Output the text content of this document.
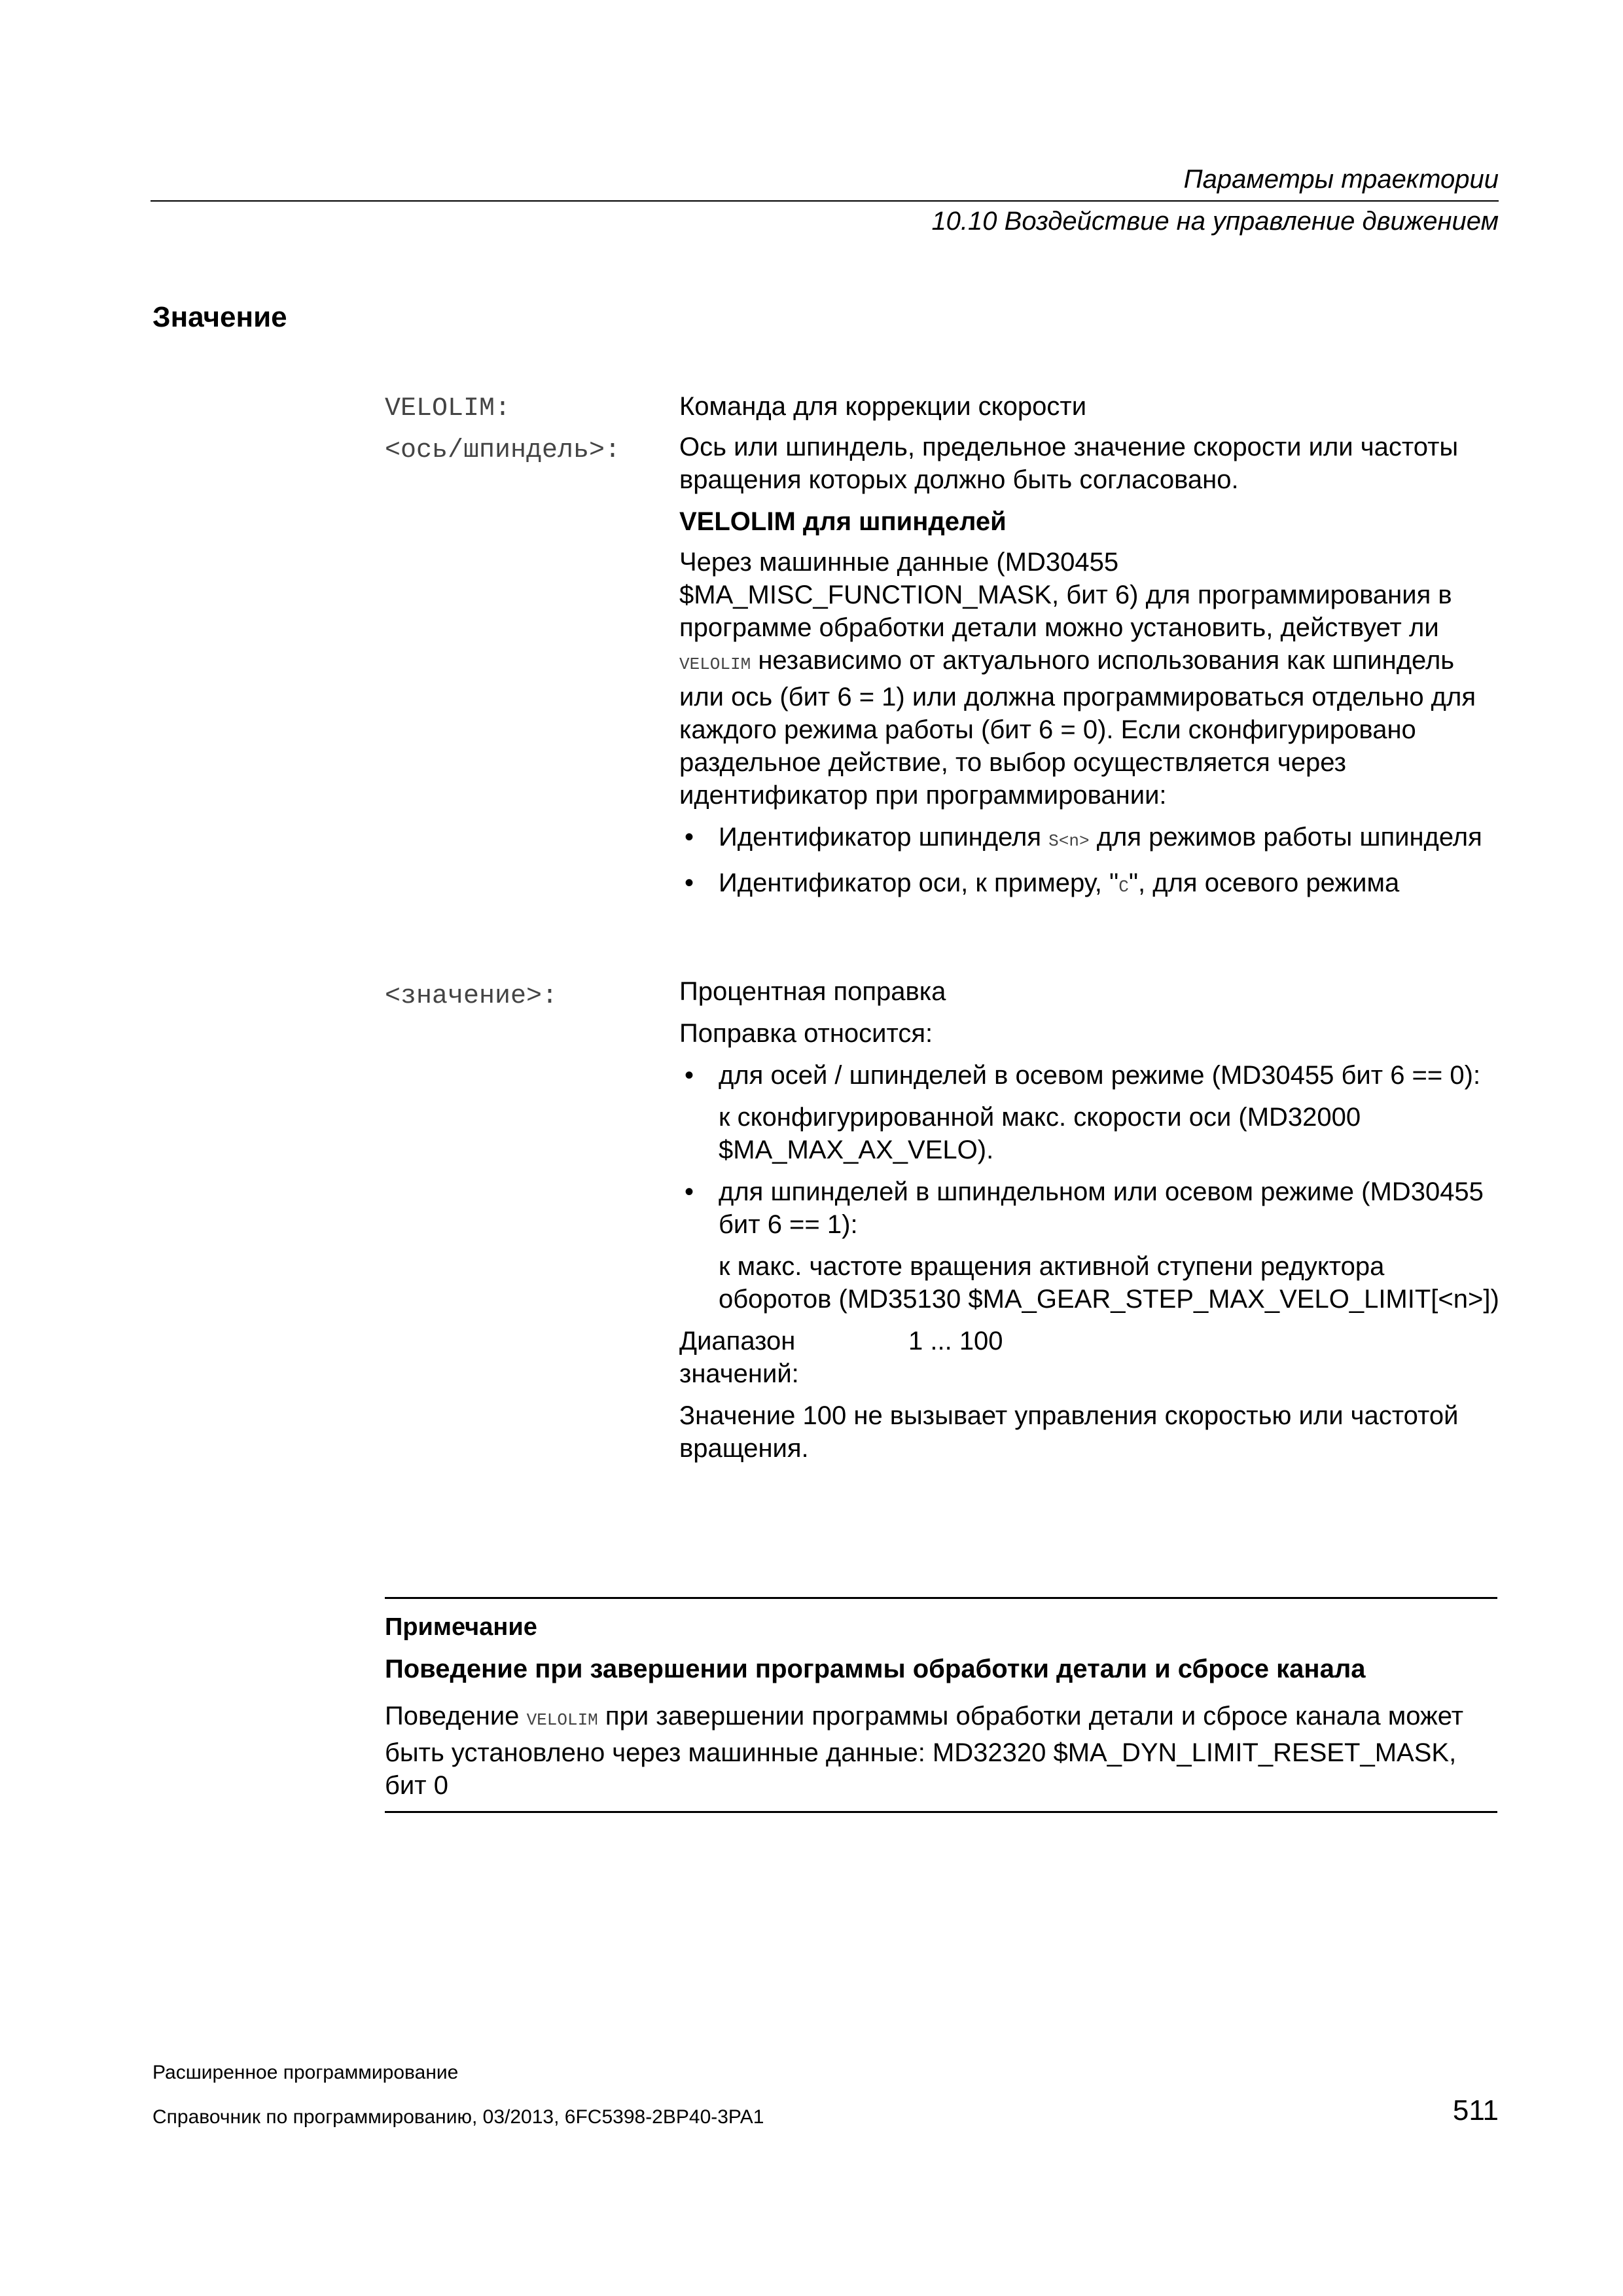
Параметры траектории
10.10 Воздействие на управление движением
Значение
VELOLIM:	Команда для коррекции скорости

<ось/шпиндель>: Ось или шпиндель, предельное значение скорости или частоты вращения которых должно быть согласовано.

VELOLIM для шпинделей

Через машинные данные (MD30455 $MA_MISC_FUNCTION_MASK, бит 6) для программирования в программе обработки детали можно установить, действует ли VELOLIM независимо от актуального использования как шпиндель или ось (бит 6 = 1) или должна программироваться отдельно для каждого режима работы (бит 6 = 0). Если сконфигурировано раздельное действие, то выбор осуществляется через идентификатор при программировании:

• Идентификатор шпинделя S<n> для режимов работы шпинделя
• Идентификатор оси, к примеру, "C", для осевого режима
<значение>:	Процентная поправка

Поправка относится:

• для осей / шпинделей в осевом режиме (MD30455 бит 6 == 0):

к сконфигурированной макс. скорости оси (MD32000 $MA_MAX_AX_VELO).

• для шпинделей в шпиндельном или осевом режиме (MD30455 бит 6 == 1):

к макс. частоте вращения активной ступени редуктора оборотов (MD35130 $MA_GEAR_STEP_MAX_VELO_LIMIT[<n>])

Диапазон значений:
1 ... 100

Значение 100 не вызывает управления скоростью или частотой вращения.

Примечание

Поведение при завершении программы обработки детали и сбросе канала

Поведение VELOLIM при завершении программы обработки детали и сбросе канала может быть установлено через машинные данные: MD32320 $MA_DYN_LIMIT_RESET_MASK, бит 0

Расширенное программирование
Справочник по программированию, 03/2013, 6FC5398-2BP40-3PA1	511
